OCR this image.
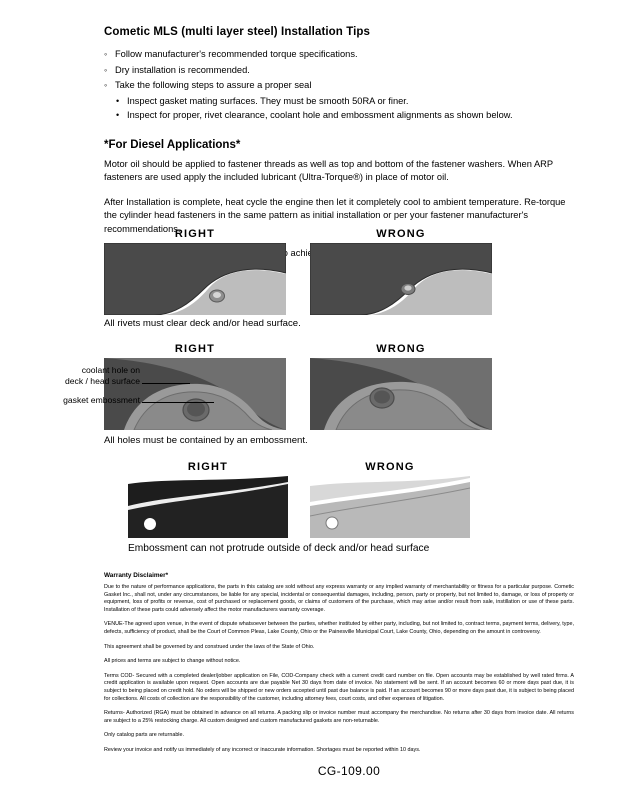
Cometic MLS (multi layer steel) Installation Tips
◦ Follow manufacturer's recommended torque specifications.
◦ Dry installation is recommended.
◦ Take the following steps to assure a proper seal
• Inspect gasket mating surfaces. They must be smooth 50RA or finer.
• Inspect for proper, rivet clearance, coolant hole and embossment alignments as shown below.
*For Diesel Applications*

Motor oil should be applied to fastener threads as well as top and bottom of the fastener washers. When ARP fasteners are used apply the included lubricant (Ultra-Torque®) in place of motor oil.

After Installation is complete, heat cycle the engine then let it completely cool to ambient temperature. Re-torque the cylinder head fasteners in the same pattern as initial installation or per your fastener manufacturer's recommendations.

achieve

RIGHT	WRONG
All rivets must clear deck and/or head surface.
RIGHT	WRONG
All holes must be contained by an embossment.
coolant hole on
deck / head surface
gasket embossment
RIGHT	WRONG
Embossment can not protrude outside of deck and/or head surface
Warranty Disclaimer*

Due to the nature of performance applications, the parts in this catalog are sold without any express warranty or any implied warranty of merchantability or fitness for a particular purpose. Cometic Gasket Inc., shall not, under any circumstances, be liable for any special, incidental or consequential damages, including, person, party or property, but not limited to, damage, or loss of property or equipment, loss of profits or revenue, cost of purchased or replacement goods, or claims of customers of the purchase, which may arise and/or result from sale, instillation or use of these parts. Installation of these parts could adversely affect the motor manufacturers warranty coverage.

VENUE-The agreed upon venue, in the event of dispute whatsoever between the parties, whether instituted by either party, including, but not limited to, contract terms, payment terms, delivery, type, defects, sufficiency of product, shall be the Court of Common Pleas, Lake County, Ohio or the Painesville Municipal Court, Lake County, Ohio, depending on the amount in controversy.

This agreement shall be governed by and construed under the laws of the State of Ohio.

All prices and terms are subject to change without notice.

Terms COD- Secured with a completed dealer/jobber application on File, COD-Company check with a current credit card number on file. Open accounts may be established by well rated firms. A credit application is available upon request. Open accounts are due payable Net 30 days from date of invoice. No statement will be sent. If an account becomes 60 or more days past due, it is subject to being placed on credit hold. No orders will be shipped or new orders accepted until past due balance is paid. If an account becomes 90 or more days past due, it is subject to being placed for collections. All costs of collection are the responsibility of the customer, including attorney fees, court costs, and other expenses of litigation.

Returns- Authorized (RGA) must be obtained in advance on all returns. A packing slip or invoice number must accompany the merchandise. No returns after 30 days from invoice date. All returns are subject to a 25% restocking charge. All custom designed and custom manufactured gaskets are non-returnable.

Only catalog parts are returnable.

Review your invoice and notify us immediately of any incorrect or inaccurate information. Shortages must be reported within 10 days.

CG-109.00
